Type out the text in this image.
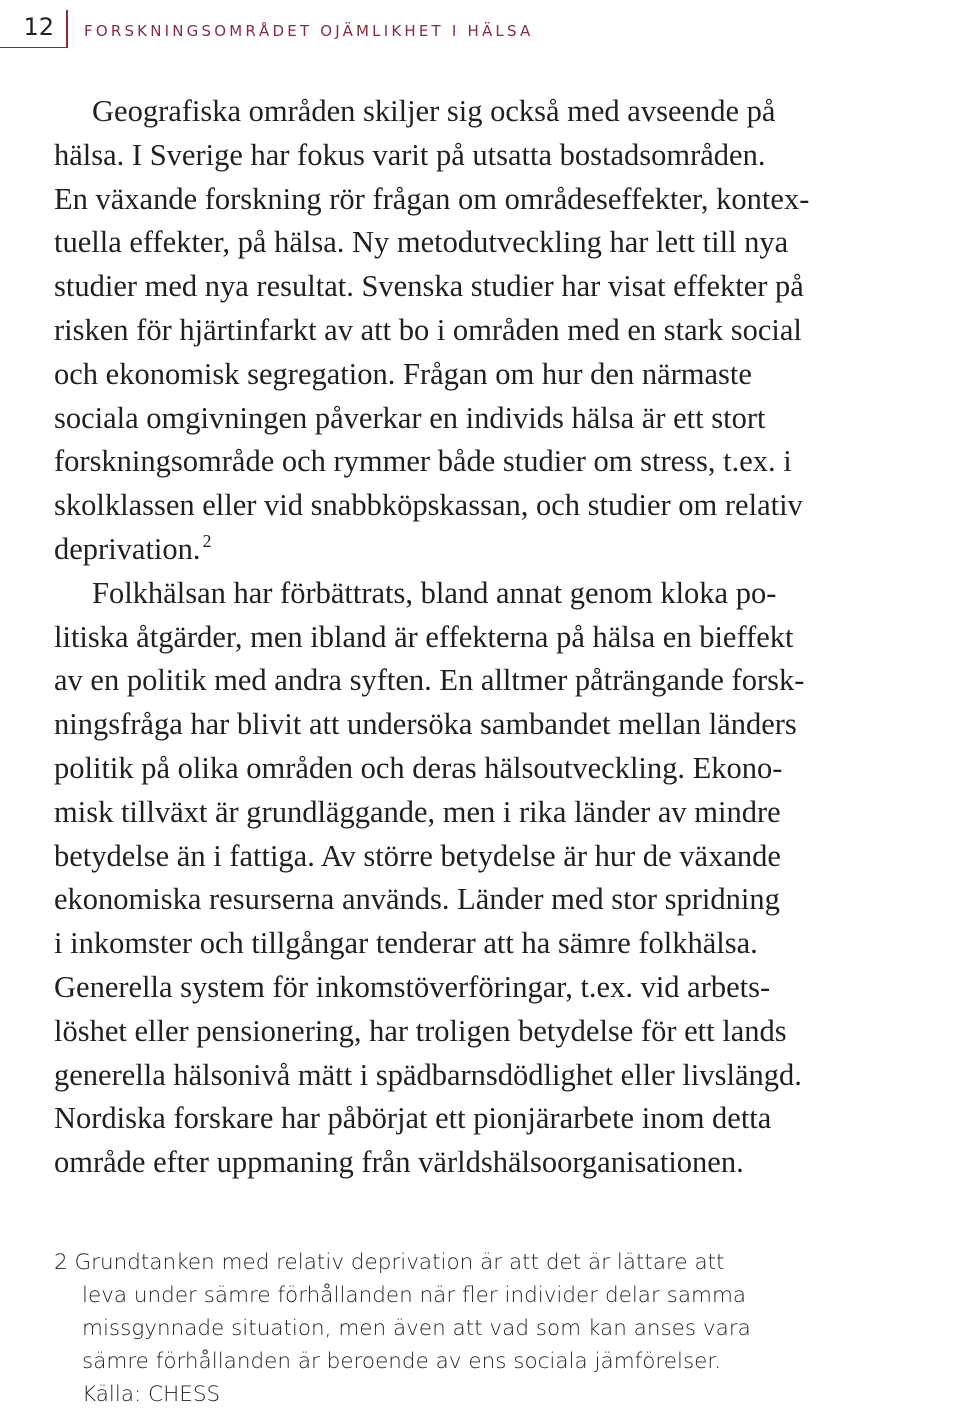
12	FORSKNINGSOMRÅDET OJÄMLIKHET I HÄLSA
Geografiska områden skiljer sig också med avseende på
hälsa. I Sverige har fokus varit på utsatta bostadsområden.
En växande forskning rör frågan om områdeseffekter, kontex-
tuella effekter, på hälsa. Ny metodutveckling har lett till nya
studier med nya resultat. Svenska studier har visat effekter på
risken för hjärtinfarkt av att bo i områden med en stark social
och ekonomisk segregation. Frågan om hur den närmaste
sociala omgivningen påverkar en individs hälsa är ett stort
forskningsområde och rymmer både studier om stress, t.ex. i
skolklassen eller vid snabbköpskassan, och studier om relativ
deprivation. $^2$
Folkhälsan har förbättrats, bland annat genom kloka po-
litiska åtgärder, men ibland är effekterna på hälsa en bieffekt
av en politik med andra syften. En alltmer påträngande forsk-
ningsfråga har blivit att undersöka sambandet mellan länders
politik på olika områden och deras hälsoutveckling. Ekono-
misk tillväxt är grundläggande, men i rika länder av mindre
betydelse än i fattiga. Av större betydelse är hur de växande
ekonomiska resurserna används. Länder med stor spridning
i inkomster och tillgångar tenderar att ha sämre folkhälsa.
Generella system för inkomstöverföringar, t.ex. vid arbets-
löshet eller pensionering, har troligen betydelse för ett lands
generella hälsonivå mätt i spädbarnsdödlighet eller livslängd.
Nordiska forskare har påbörjat ett pionjärarbete inom detta
område efter uppmaning från världshälsoorganisationen.
2 Grundtanken med relativ deprivation är att det är lättare att
leva under sämre förhållanden när fler individer delar samma
missgynnade situation, men även att vad som kan anses vara
sämre förhållanden är beroende av ens sociala jämförelser.
Källa: CHESS
